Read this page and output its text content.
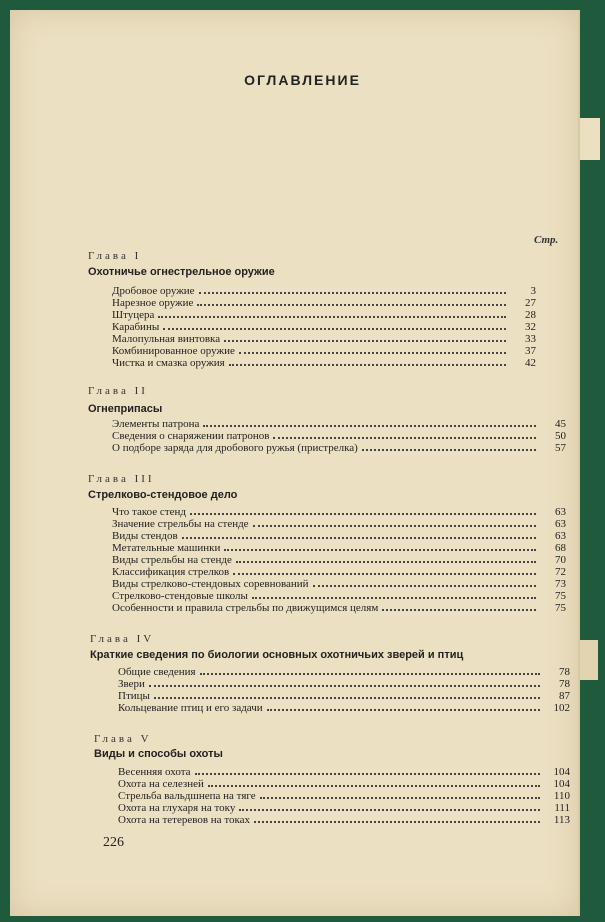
ОГЛАВЛЕНИЕ
Стр.
Глава I
Охотничье огнестрельное оружие
Дробовое оружие	3
Нарезное оружие	27
Штуцера	28
Карабины	32
Малопульная винтовка	33
Комбинированное оружие	37
Чистка и смазка оружия	42
Глава II
Огнеприпасы
Элементы патрона	45
Сведения о снаряжении патронов	50
О подборе заряда для дробового ружья (пристрелка)	57
Глава III
Стрелково-стендовое дело
Что такое стенд	63
Значение стрельбы на стенде	63
Виды стендов	63
Метательные машинки	68
Виды стрельбы на стенде	70
Классификация стрелков	72
Виды стрелково-стендовых соревнований	73
Стрелково-стендовые школы	75
Особенности и правила стрельбы по движущимся целям	75
Глава IV
Краткие сведения по биологии основных охотничьих зверей и птиц
Общие сведения	78
Звери	78
Птицы	87
Кольцевание птиц и его задачи	102
Глава V
Виды и способы охоты
Весенняя охота	104
Охота на селезней	104
Стрельба вальдшнепа на тяге	110
Охота на глухаря на току	111
Охота на тетеревов на токах	113
226
